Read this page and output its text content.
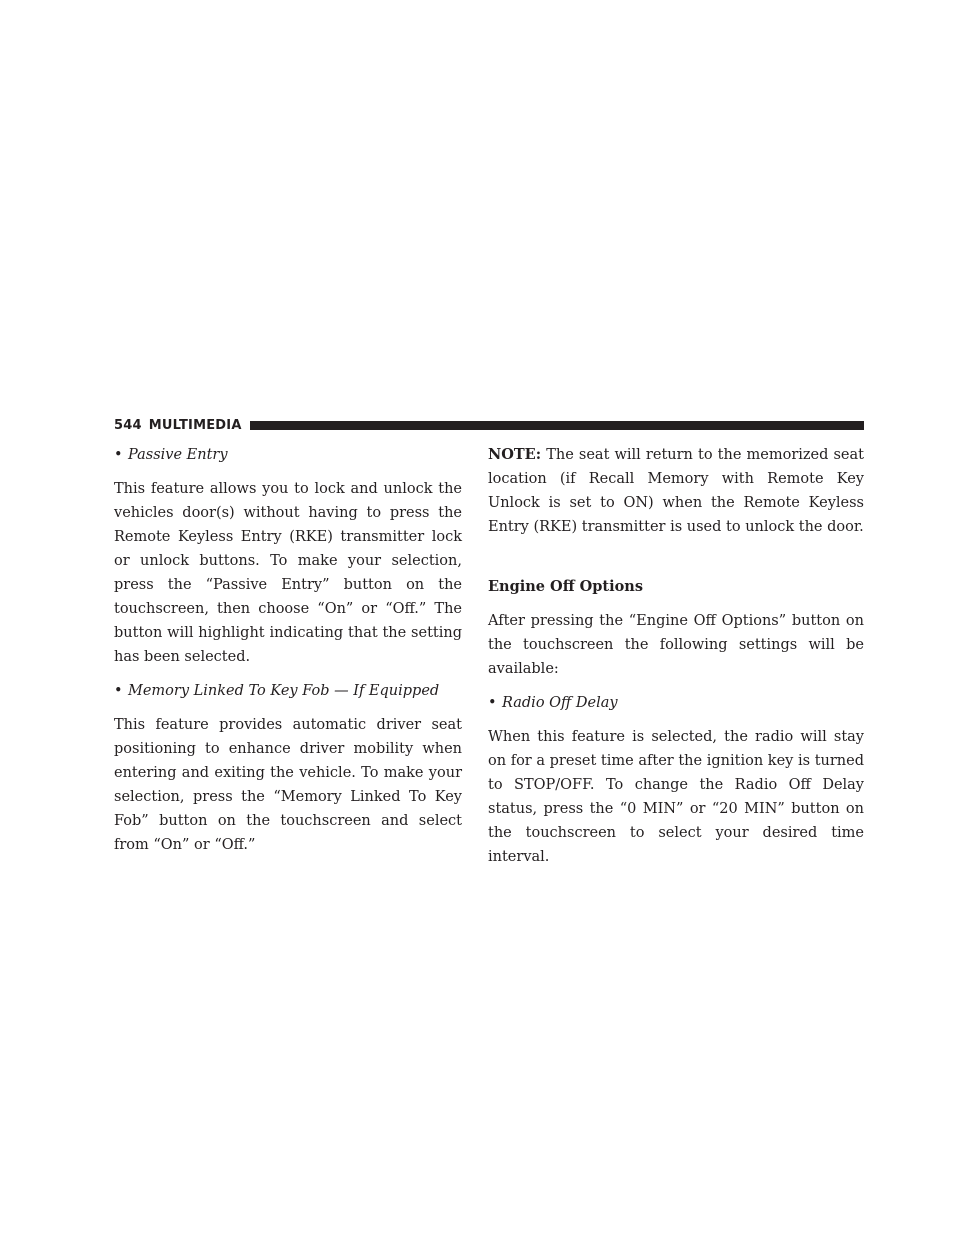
544 MULTIMEDIA
• Passive Entry

This feature allows you to lock and unlock the vehicles door(s) without having to press the Remote Keyless Entry (RKE) transmitter lock or unlock buttons. To make your selection, press the “Passive Entry” button on the touchscreen, then choose “On” or “Off.” The button will highlight indicating that the setting has been selected.

• Memory Linked To Key Fob — If Equipped

This feature provides automatic driver seat positioning to enhance driver mobility when entering and exiting the vehicle. To make your selection, press the “Memory Linked To Key Fob” button on the touchscreen and select from “On” or “Off.”

NOTE: The seat will return to the memorized seat location (if Recall Memory with Remote Key Unlock is set to ON) when the Remote Keyless Entry (RKE) transmitter is used to unlock the door.

Engine Off Options

After pressing the “Engine Off Options” button on the touchscreen the following settings will be available:

• Radio Off Delay

When this feature is selected, the radio will stay on for a preset time after the ignition key is turned to STOP/OFF. To change the Radio Off Delay status, press the “0 MIN” or “20 MIN” button on the touchscreen to select your desired time interval.
